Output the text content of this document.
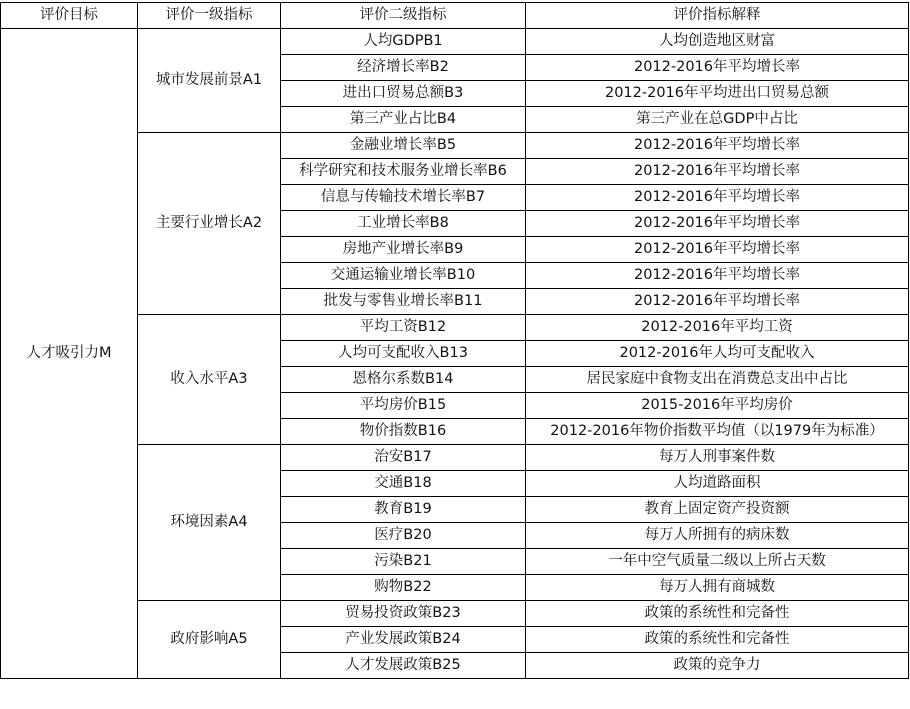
评价目标	评价一级指标	评价二级指标	评价指标解释
人才吸引力M	城市发展前景A1	人均GDPB1	人均创造地区财富
		经济增长率B2	2012-2016年平均增长率
		进出口贸易总额B3	2012-2016年平均进出口贸易总额
		第三产业占比B4	第三产业在总GDP中占比
	主要行业增长A2	金融业增长率B5	2012-2016年平均增长率
		科学研究和技术服务业增长率B6	2012-2016年平均增长率
		信息与传输技术增长率B7	2012-2016年平均增长率
		工业增长率B8	2012-2016年平均增长率
		房地产业增长率B9	2012-2016年平均增长率
		交通运输业增长率B10	2012-2016年平均增长率
		批发与零售业增长率B11	2012-2016年平均增长率
	收入水平A3	平均工资B12	2012-2016年平均工资
		人均可支配收入B13	2012-2016年人均可支配收入
		恩格尔系数B14	居民家庭中食物支出在消费总支出中占比
		平均房价B15	2015-2016年平均房价
		物价指数B16	2012-2016年物价指数平均值（以1979年为标准）
	环境因素A4	治安B17	每万人刑事案件数
		交通B18	人均道路面积
		教育B19	教育上固定资产投资额
		医疗B20	每万人所拥有的病床数
		污染B21	一年中空气质量二级以上所占天数
		购物B22	每万人拥有商城数
	政府影响A5	贸易投资政策B23	政策的系统性和完备性
		产业发展政策B24	政策的系统性和完备性
		人才发展政策B25	政策的竞争力
